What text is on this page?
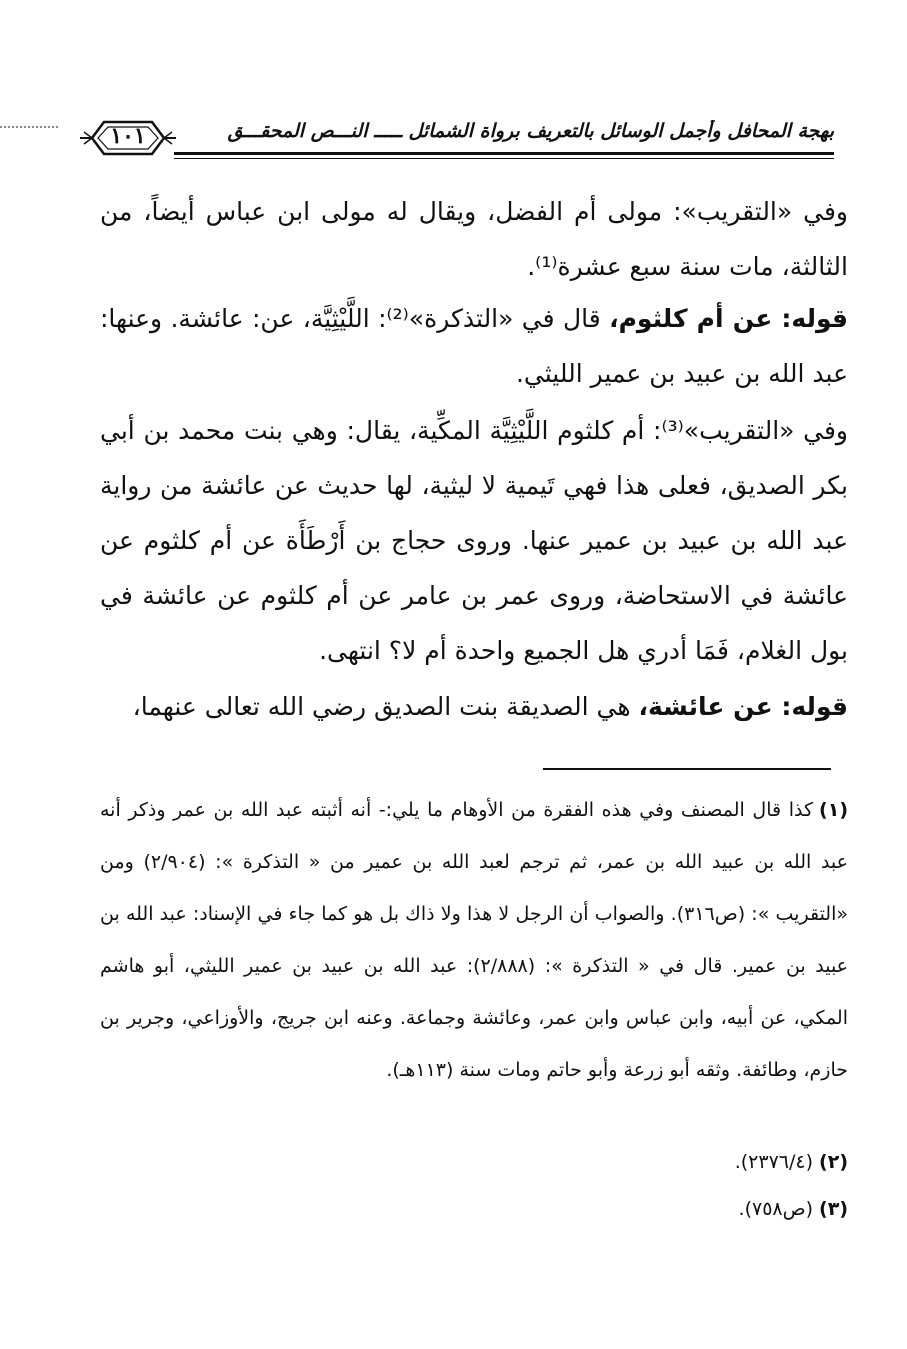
بهجة المحافل وأجمل الوسائل بالتعريف برواة الشمائل ـــــ النـــص المحقـــق
١٠١

وفي «التقريب»: مولى أم الفضل، ويقال له مولى ابن عباس أيضاً، من الثالثة، مات سنة سبع عشرة⁽¹⁾.

قوله: عن أم كلثوم، قال في «التذكرة»⁽²⁾: اللَّيْثِيَّة، عن: عائشة. وعنها: عبد الله بن عبيد بن عمير الليثي.

وفي «التقريب»⁽³⁾: أم كلثوم اللَّيْثِيَّة المكِّية، يقال: وهي بنت محمد بن أبي بكر الصديق، فعلى هذا فهي تَيمية لا ليثية، لها حديث عن عائشة من رواية عبد الله بن عبيد بن عمير عنها. وروى حجاج بن أَرْطَأَة عن أم كلثوم عن عائشة في الاستحاضة، وروى عمر بن عامر عن أم كلثوم عن عائشة في بول الغلام، فَمَا أدري هل الجميع واحدة أم لا؟ انتهى.

قوله: عن عائشة، هي الصديقة بنت الصديق رضي الله تعالى عنهما،

(١)كذا قال المصنف وفي هذه الفقرة من الأوهام ما يلي:- أنه أثبته عبد الله بن عمر وذكر أنه عبد الله بن عبيد الله بن عمر، ثم ترجم لعبد الله بن عمير من « التذكرة »: (٢/٩٠٤) ومن «التقريب »: (ص٣١٦). والصواب أن الرجل لا هذا ولا ذاك بل هو كما جاء في الإسناد: عبد الله بن عبيد بن عمير. قال في « التذكرة »: (٢/٨٨٨): عبد الله بن عبيد بن عمير الليثي، أبو هاشم المكي، عن أبيه، وابن عباس وابن عمر، وعائشة وجماعة. وعنه ابن جريج، والأوزاعي، وجرير بن حازم، وطائفة. وثقه أبو زرعة وأبو حاتم ومات سنة (١١٣هـ).

(٢)(٢٣٧٦/٤).

(٣)(ص٧٥٨).
